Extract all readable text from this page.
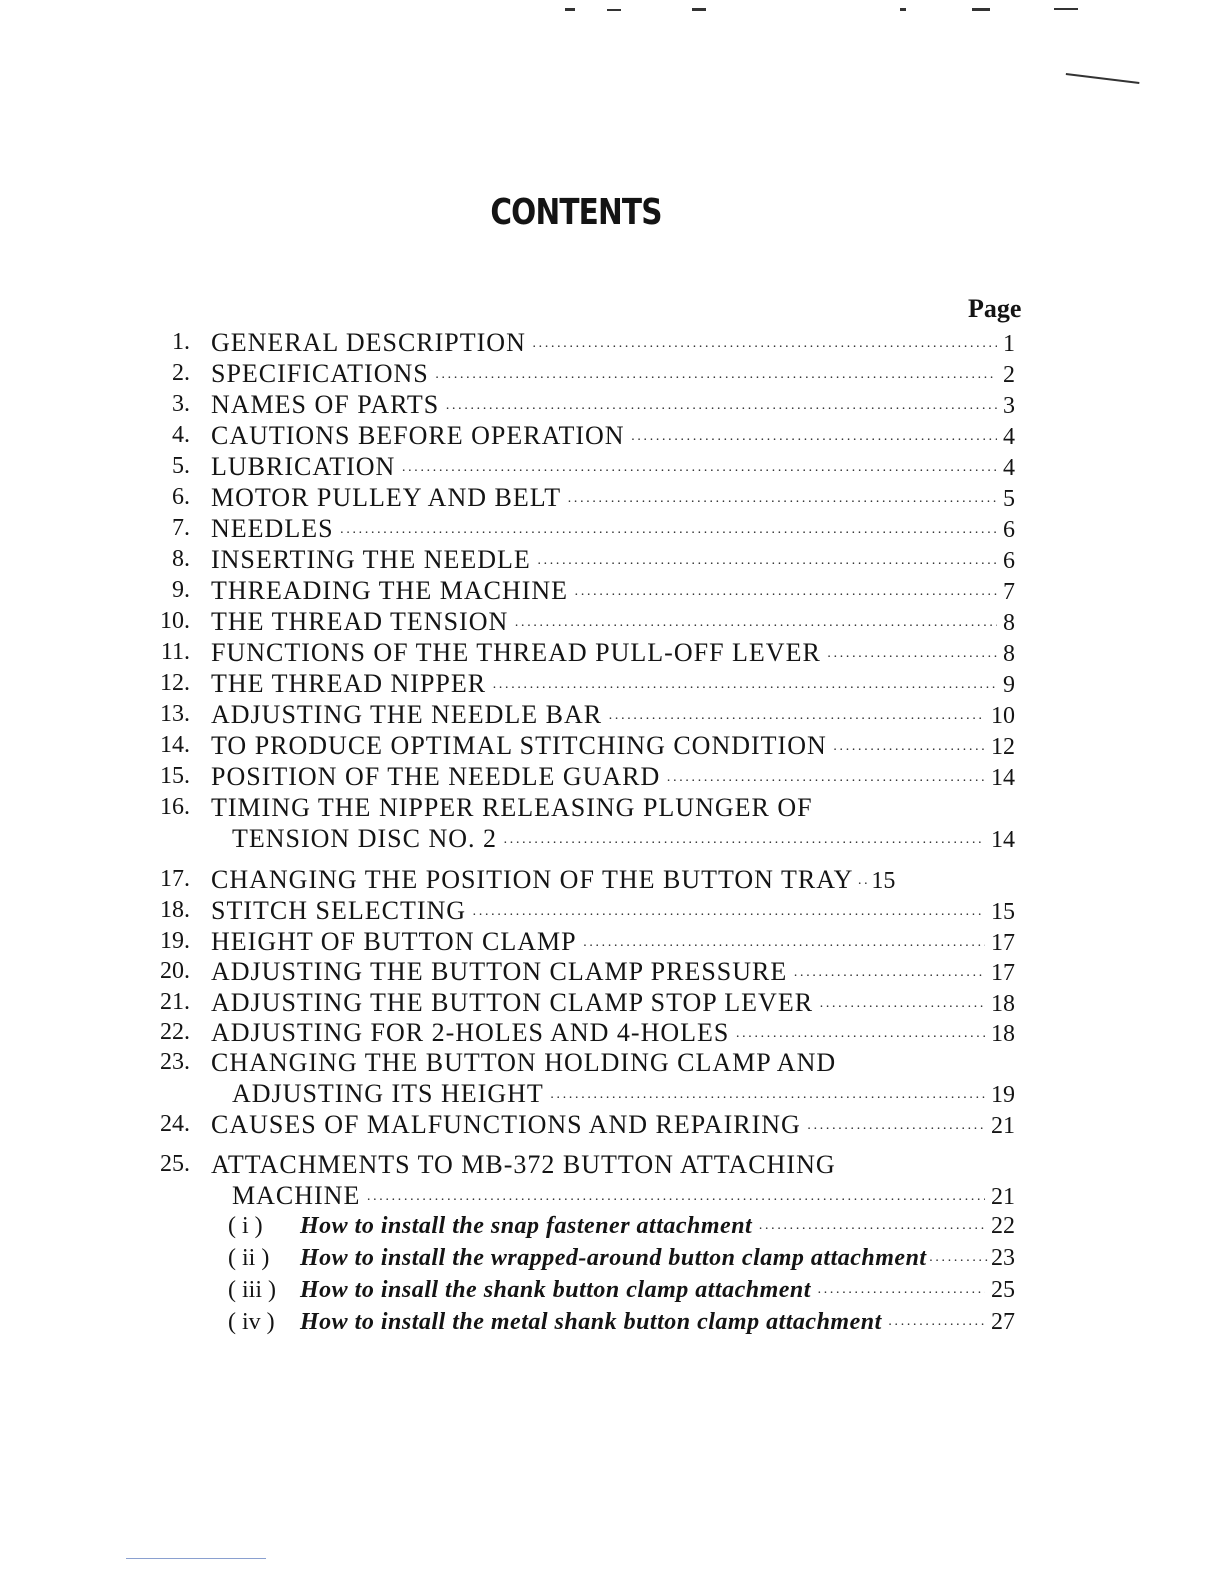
CONTENTS
Page
1. GENERAL DESCRIPTION ·····	1
2. SPECIFICATIONS ·····	2
3. NAMES OF PARTS ·····	3
4. CAUTIONS BEFORE OPERATION ·····	4
5. LUBRICATION ·····	4
6. MOTOR PULLEY AND BELT ·····	5
7. NEEDLES ·····	6
8. INSERTING THE NEEDLE ·····	6
9. THREADING THE MACHINE ·····	7
10. THE THREAD TENSION ·····	8
11. FUNCTIONS OF THE THREAD PULL-OFF LEVER ·····	8
12. THE THREAD NIPPER ·····	9
13. ADJUSTING THE NEEDLE BAR ·····	10
14. TO PRODUCE OPTIMAL STITCHING CONDITION ·····	12
15. POSITION OF THE NEEDLE GUARD ·····	14
16. TIMING THE NIPPER RELEASING PLUNGER OF
TENSION DISC NO. 2 ·····	14
17. CHANGING THE POSITION OF THE BUTTON TRAY ····· 15
18. STITCH SELECTING ·····	15
19. HEIGHT OF BUTTON CLAMP ·····	17
20. ADJUSTING THE BUTTON CLAMP PRESSURE ·····	17
21. ADJUSTING THE BUTTON CLAMP STOP LEVER ·····	18
22. ADJUSTING FOR 2-HOLES AND 4-HOLES ·····	18
23. CHANGING THE BUTTON HOLDING CLAMP AND
ADJUSTING ITS HEIGHT ·····	19
24. CAUSES OF MALFUNCTIONS AND REPAIRING ·····	21
25. ATTACHMENTS TO MB-372 BUTTON ATTACHING
MACHINE ·····	21
( i )	How to install the snap fastener attachment ·····	22
( ii )	How to install the wrapped-around button clamp attachment ·····	23
( iii )	How to insall the shank button clamp attachment ·····	25
( iv )	How to install the metal shank button clamp attachment ·····	27
